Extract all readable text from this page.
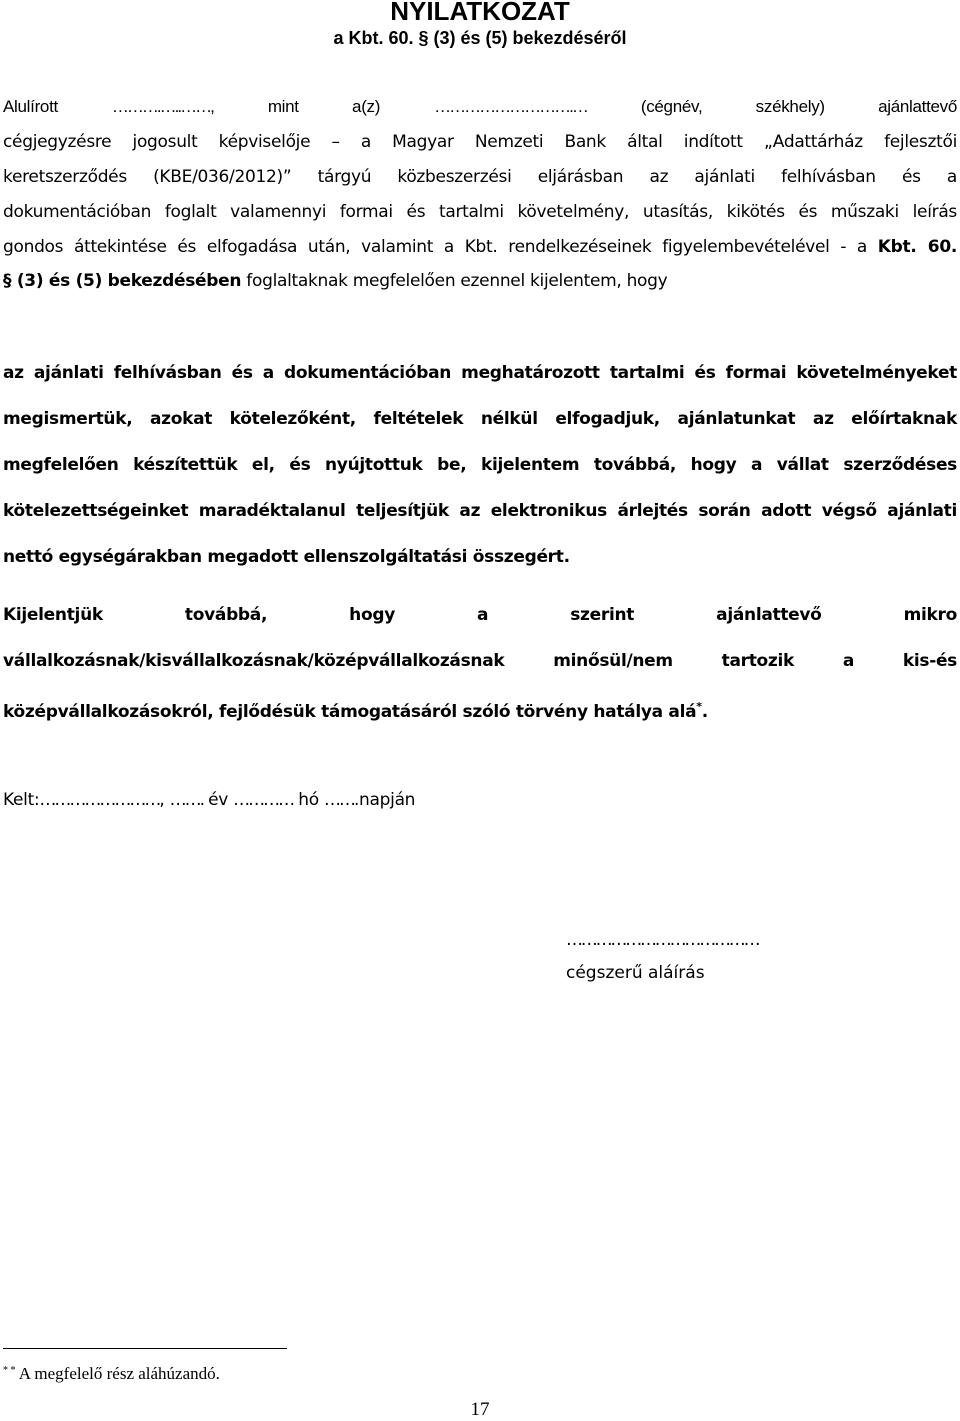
NYILATKOZAT
a Kbt. 60. § (3) és (5) bekezdéséről
Alulírott	……….…..……, mint a(z)	……………………….…	(cégnév, székhely) ajánlattevő
cégjegyzésre jogosult képviselője – a Magyar Nemzeti Bank által indított „Adattárház fejlesztői
keretszerződés (KBE/036/2012)” tárgyú közbeszerzési eljárásban az ajánlati felhívásban és a
dokumentációban foglalt valamennyi formai és tartalmi követelmény, utasítás, kikötés és műszaki leírás
gondos áttekintése és elfogadása után, valamint a Kbt. rendelkezéseinek figyelembevételével - a Kbt. 60.
§ (3) és (5) bekezdésében foglaltaknak megfelelően ezennel kijelentem, hogy
az ajánlati felhívásban és a dokumentációban meghatározott tartalmi és formai követelményeket
megismertük, azokat kötelezőként, feltételek nélkül elfogadjuk, ajánlatunkat az előírtaknak
megfelelően készítettük el, és nyújtottuk be, kijelentem továbbá, hogy a vállat szerződéses
kötelezettségeinket maradéktalanul teljesítjük az elektronikus árlejtés során adott végső ajánlati
nettó egységárakban megadott ellenszolgáltatási összegért.
Kijelentjük továbbá, hogy a szerint ajánlattevő mikro
vállalkozásnak/kisvállalkozásnak/középvállalkozásnak minősül/nem tartozik a kis-és
középvállalkozásokról, fejlődésük támogatásáról szóló törvény hatálya alá*.
Kelt:……………………, ……. év ………… hó …….napján
…………………………………
cégszerű aláírás
* * A megfelelő rész aláhúzandó.
17
